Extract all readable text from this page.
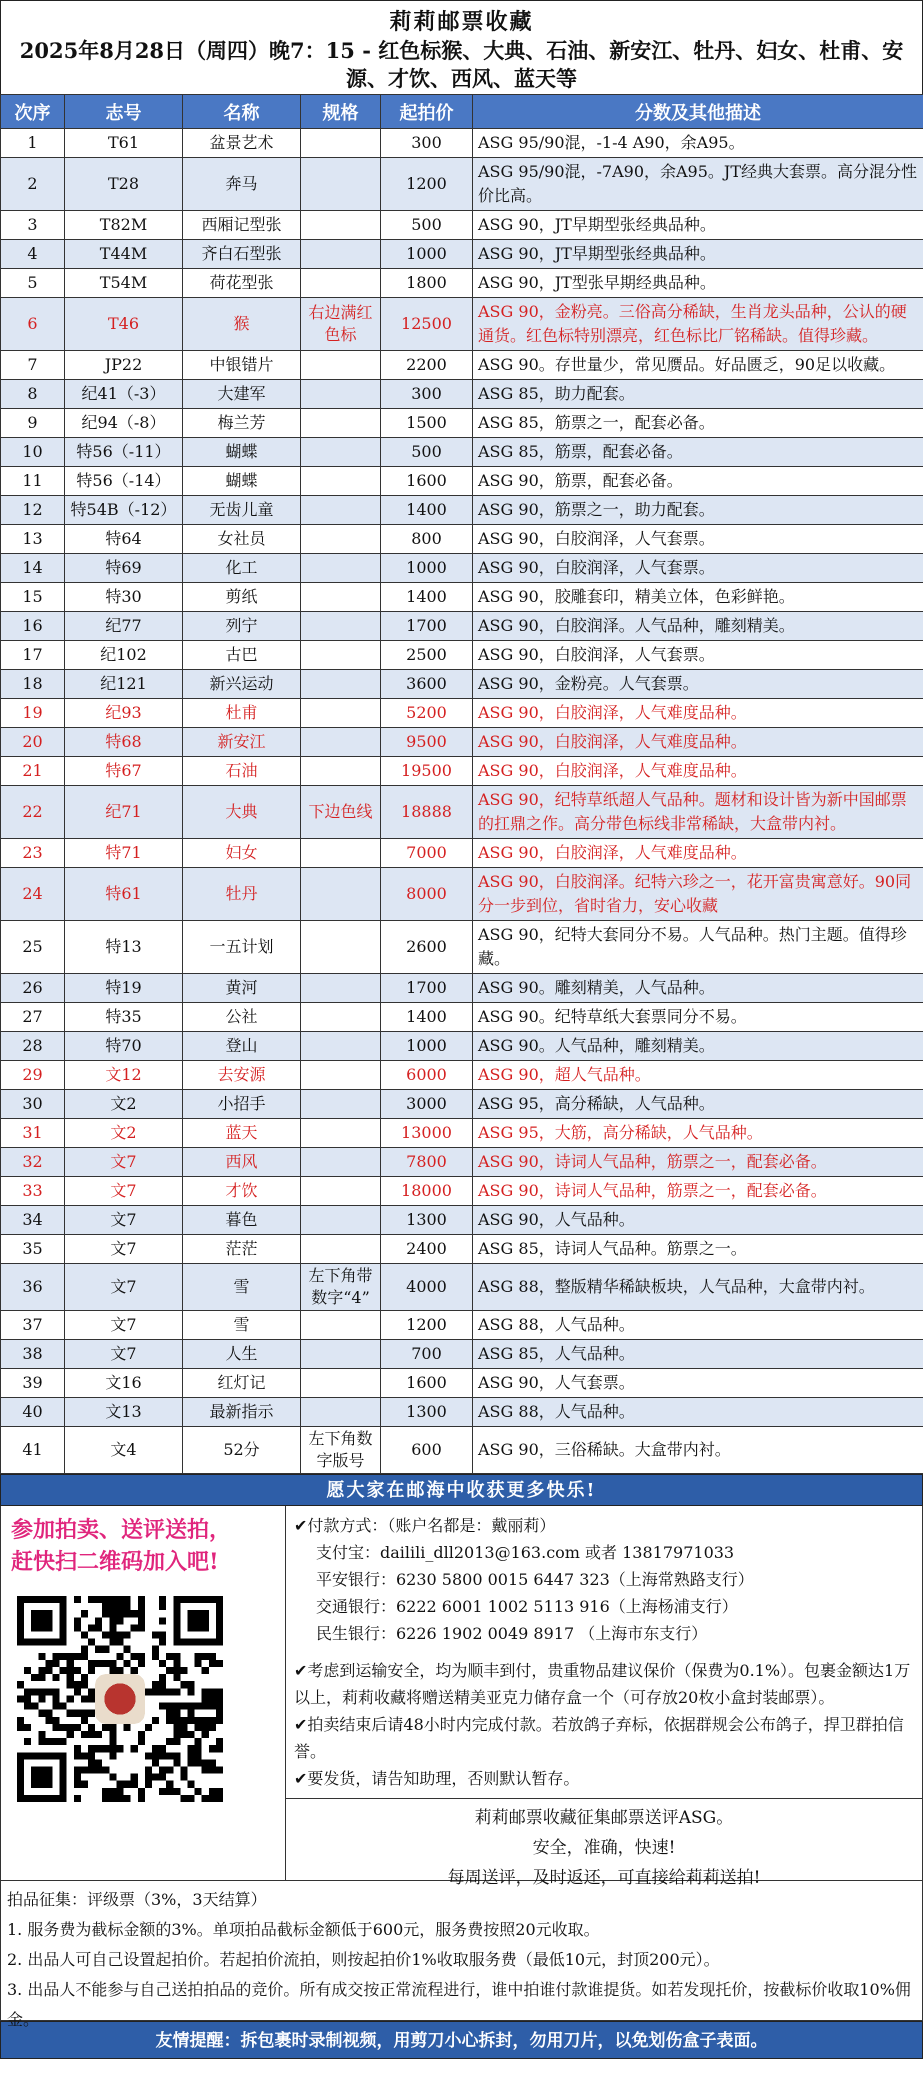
莉莉邮票收藏
2025年8月28日（周四）晚7：15 - 红色标猴、大典、石油、新安江、牡丹、妇女、杜甫、安源、才饮、西风、蓝天等
次序	志号	名称	规格	起拍价	分数及其他描述
1	T61	盆景艺术		300	ASG 95/90混，-1-4 A90，余A95。
2	T28	奔马		1200	ASG 95/90混，-7A90，余A95。JT经典大套票。高分混分性价比高。
3	T82M	西厢记型张		500	ASG 90，JT早期型张经典品种。
4	T44M	齐白石型张		1000	ASG 90，JT早期型张经典品种。
5	T54M	荷花型张		1800	ASG 90，JT型张早期经典品种。
6	T46	猴	右边满红色标	12500	ASG 90，金粉亮。三俗高分稀缺，生肖龙头品种，公认的硬通货。红色标特别漂亮，红色标比厂铭稀缺。值得珍藏。
7	JP22	中银错片		2200	ASG 90。存世量少，常见赝品。好品匮乏，90足以收藏。
8	纪41（-3）	大建军		300	ASG 85，助力配套。
9	纪94（-8）	梅兰芳		1500	ASG 85，筋票之一，配套必备。
10	特56（-11）	蝴蝶		500	ASG 85，筋票，配套必备。
11	特56（-14）	蝴蝶		1600	ASG 90，筋票，配套必备。
12	特54B（-12）	无齿儿童		1400	ASG 90，筋票之一，助力配套。
13	特64	女社员		800	ASG 90，白胶润泽，人气套票。
14	特69	化工		1000	ASG 90，白胶润泽，人气套票。
15	特30	剪纸		1400	ASG 90，胶雕套印，精美立体，色彩鲜艳。
16	纪77	列宁		1700	ASG 90，白胶润泽。人气品种，雕刻精美。
17	纪102	古巴		2500	ASG 90，白胶润泽，人气套票。
18	纪121	新兴运动		3600	ASG 90，金粉亮。人气套票。
19	纪93	杜甫		5200	ASG 90，白胶润泽，人气难度品种。
20	特68	新安江		9500	ASG 90，白胶润泽，人气难度品种。
21	特67	石油		19500	ASG 90，白胶润泽，人气难度品种。
22	纪71	大典	下边色线	18888	ASG 90，纪特草纸超人气品种。题材和设计皆为新中国邮票的扛鼎之作。高分带色标线非常稀缺，大盒带内衬。
23	特71	妇女		7000	ASG 90，白胶润泽，人气难度品种。
24	特61	牡丹		8000	ASG 90，白胶润泽。纪特六珍之一，花开富贵寓意好。90同分一步到位，省时省力，安心收藏
25	特13	一五计划		2600	ASG 90，纪特大套同分不易。人气品种。热门主题。值得珍藏。
26	特19	黄河		1700	ASG 90。雕刻精美，人气品种。
27	特35	公社		1400	ASG 90。纪特草纸大套票同分不易。
28	特70	登山		1000	ASG 90。人气品种，雕刻精美。
29	文12	去安源		6000	ASG 90，超人气品种。
30	文2	小招手		3000	ASG 95，高分稀缺，人气品种。
31	文2	蓝天		13000	ASG 95，大筋，高分稀缺，人气品种。
32	文7	西风		7800	ASG 90，诗词人气品种，筋票之一，配套必备。
33	文7	才饮		18000	ASG 90，诗词人气品种，筋票之一，配套必备。
34	文7	暮色		1300	ASG 90，人气品种。
35	文7	茫茫		2400	ASG 85，诗词人气品种。筋票之一。
36	文7	雪	左下角带数字“4”	4000	ASG 88，整版精华稀缺板块，人气品种，大盒带内衬。
37	文7	雪		1200	ASG 88，人气品种。
38	文7	人生		700	ASG 85，人气品种。
39	文16	红灯记		1600	ASG 90，人气套票。
40	文13	最新指示		1300	ASG 88，人气品种。
41	文4	52分	左下角数字版号	600	ASG 90，三俗稀缺。大盒带内衬。
愿大家在邮海中收获更多快乐!
参加拍卖、送评送拍，
赶快扫二维码加入吧!
✔付款方式：（账户名都是：戴丽莉）
支付宝：dailili_dll2013@163.com 或者 13817971033
平安银行：6230 5800 0015 6447 323（上海常熟路支行）
交通银行：6222 6001 1002 5113 916（上海杨浦支行）
民生银行：6226 1902 0049 8917 （上海市东支行）
✔考虑到运输安全，均为顺丰到付，贵重物品建议保价（保费为0.1%）。包裹金额达1万以上，莉莉收藏将赠送精美亚克力储存盒一个（可存放20枚小盒封装邮票）。
✔拍卖结束后请48小时内完成付款。若放鸽子弃标，依据群规会公布鸽子，捍卫群拍信誉。
✔要发货，请告知助理，否则默认暂存。
莉莉邮票收藏征集邮票送评ASG。
安全，准确，快速!
每周送评，及时返还，可直接给莉莉送拍!
拍品征集：评级票（3%，3天结算）
1. 服务费为截标金额的3%。单项拍品截标金额低于600元，服务费按照20元收取。
2. 出品人可自己设置起拍价。若起拍价流拍，则按起拍价1%收取服务费（最低10元，封顶200元）。
3. 出品人不能参与自己送拍拍品的竞价。所有成交按正常流程进行，谁中拍谁付款谁提货。如若发现托价，按截标价收取10%佣金。
友情提醒：拆包裹时录制视频，用剪刀小心拆封，勿用刀片，以免划伤盒子表面。
